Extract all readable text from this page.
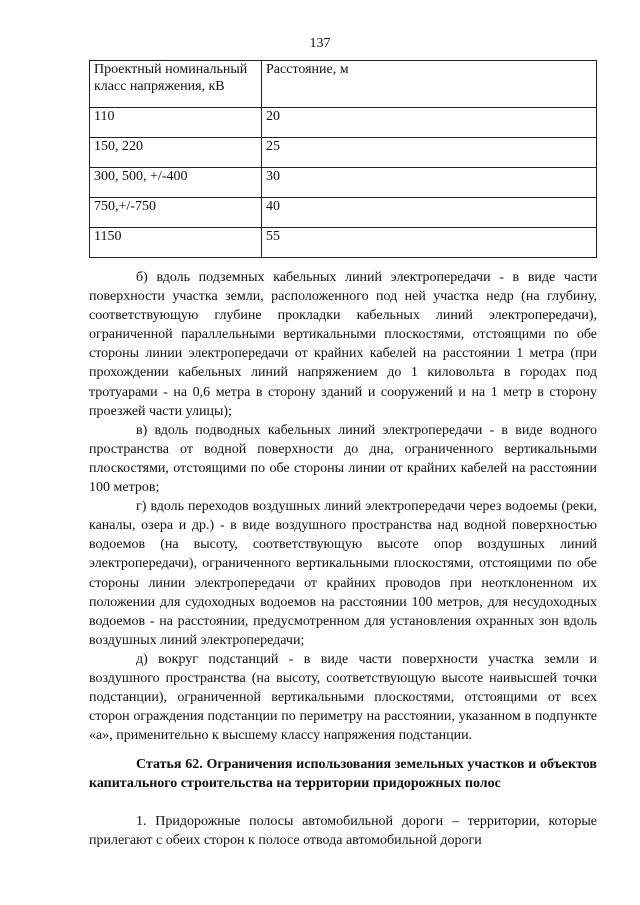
137
Проектный номинальный класс напряжения, кВ	Расстояние, м
110	20
150, 220	25
300, 500, +/-400	30
750,+/-750	40
1150	55

б) вдоль подземных кабельных линий электропередачи - в виде части поверхности участка земли, расположенного под ней участка недр (на глубину, соответствующую глубине прокладки кабельных линий электропередачи), ограниченной параллельными вертикальными плоскостями, отстоящими по обе стороны линии электропередачи от крайних кабелей на расстоянии 1 метра (при прохождении кабельных линий напряжением до 1 киловольта в городах под тротуарами - на 0,6 метра в сторону зданий и сооружений и на 1 метр в сторону проезжей части улицы);

в) вдоль подводных кабельных линий электропередачи - в виде водного пространства от водной поверхности до дна, ограниченного вертикальными плоскостями, отстоящими по обе стороны линии от крайних кабелей на расстоянии 100 метров;

г) вдоль переходов воздушных линий электропередачи через водоемы (реки, каналы, озера и др.) - в виде воздушного пространства над водной поверхностью водоемов (на высоту, соответствующую высоте опор воздушных линий электропередачи), ограниченного вертикальными плоскостями, отстоящими по обе стороны линии электропередачи от крайних проводов при неотклоненном их положении для судоходных водоемов на расстоянии 100 метров, для несудоходных водоемов - на расстоянии, предусмотренном для установления охранных зон вдоль воздушных линий электропередачи;

д) вокруг подстанций - в виде части поверхности участка земли и воздушного пространства (на высоту, соответствующую высоте наивысшей точки подстанции), ограниченной вертикальными плоскостями, отстоящими от всех сторон ограждения подстанции по периметру на расстоянии, указанном в подпункте «а», применительно к высшему классу напряжения подстанции.

Статья 62. Ограничения использования земельных участков и объектов капитального строительства на территории придорожных полос

1. Придорожные полосы автомобильной дороги – территории, которые прилегают с обеих сторон к полосе отвода автомобильной дороги
